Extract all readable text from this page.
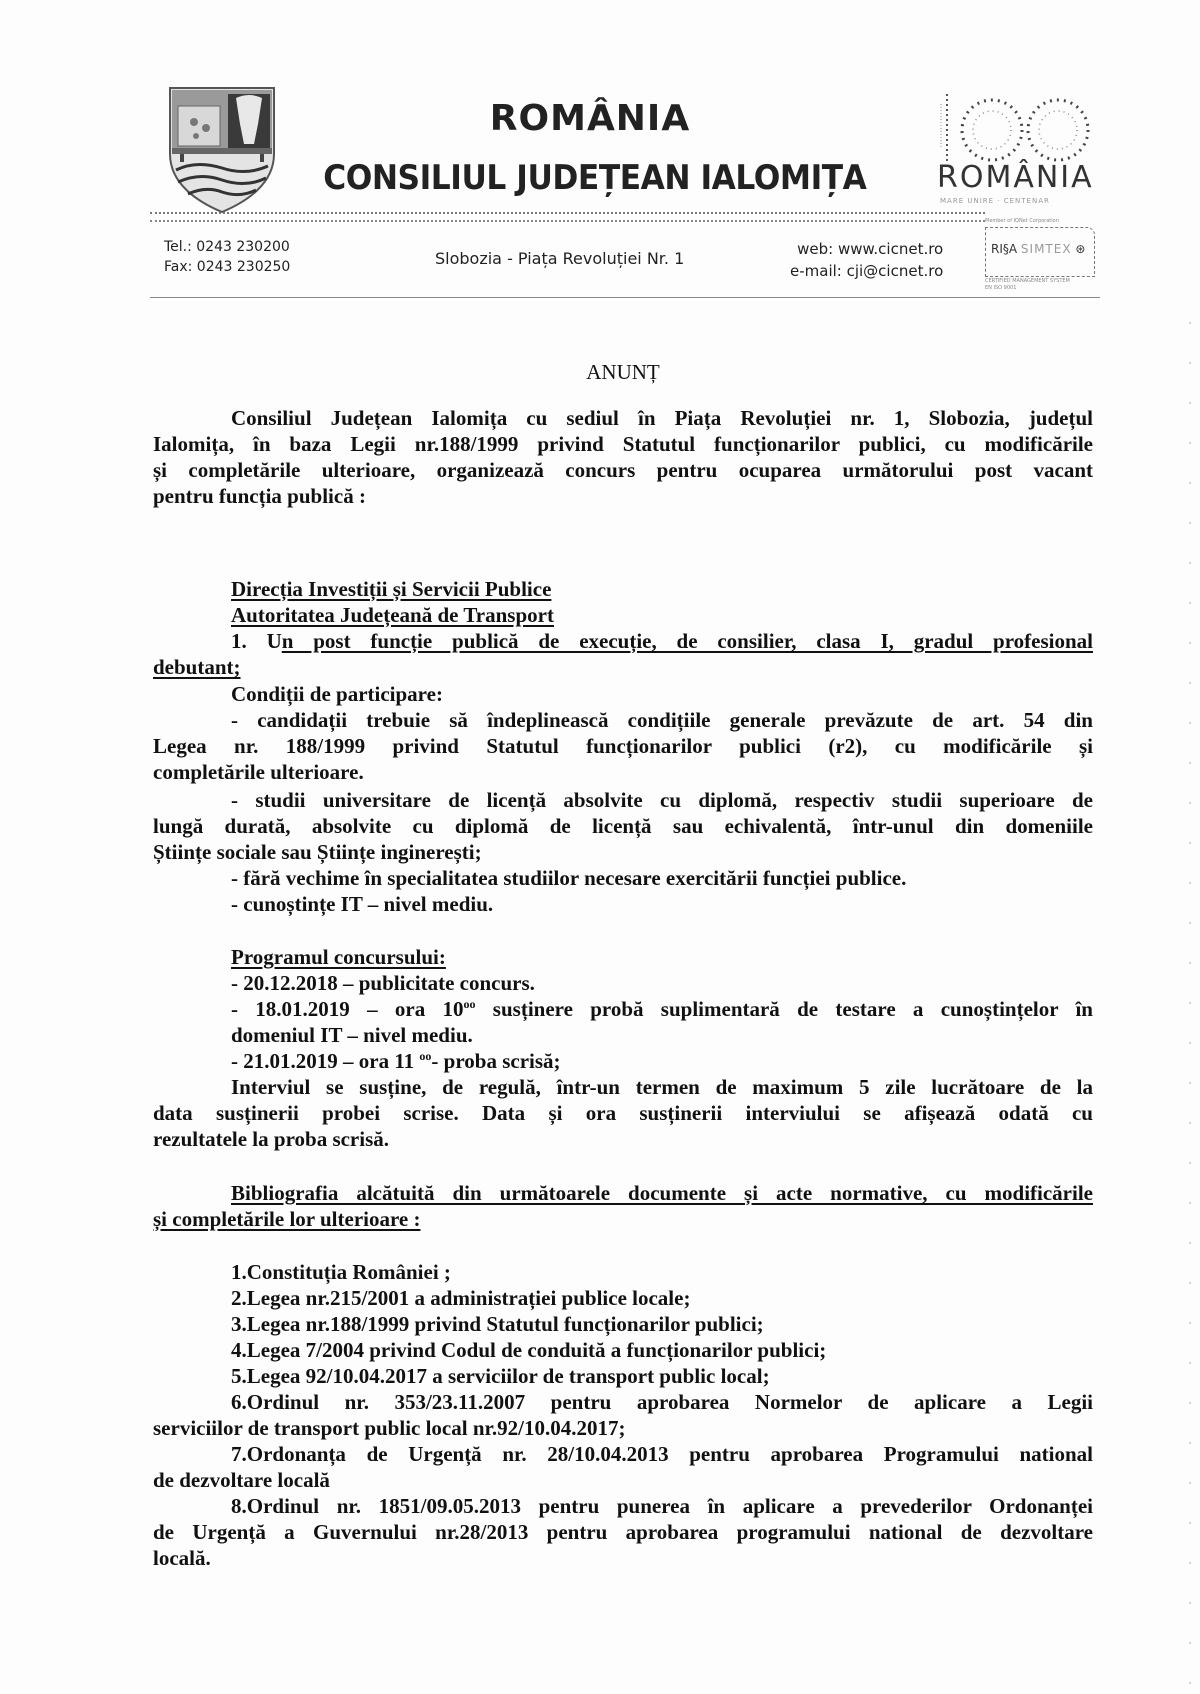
ROMÂNIA
CONSILIUL JUDEȚEAN IALOMIȚA ROMÂNIA
MARE UNIRE · CENTENAR
Tel.: 0243 230200
Fax: 0243 230250	Slobozia - Piața Revoluției Nr. 1	web: www.cicnet.ro
e-mail: cji@cicnet.ro
Member of IQNet Corporation
RI§A SIMTEX ⊛
CERTIFIED MANAGEMENT SYSTEM
EN ISO 9001
ANUNȚ
Consiliul Județean Ialomița cu sediul în Piața Revoluției nr. 1, Slobozia, județul
Ialomița, în baza Legii nr.188/1999 privind Statutul funcționarilor publici, cu modificările
și completările ulterioare, organizează concurs pentru ocuparea următorului post vacant
pentru funcția publică :
Direcția Investiții și Servicii Publice
Autoritatea Județeană de Transport
1. Un post funcție publică de execuție, de consilier, clasa I, gradul profesional
debutant;
Condiții de participare:
- candidații trebuie să îndeplinească condițiile generale prevăzute de art. 54 din
Legea nr. 188/1999 privind Statutul funcționarilor publici (r2), cu modificările și
completările ulterioare.
- studii universitare de licență absolvite cu diplomă, respectiv studii superioare de
lungă durată, absolvite cu diplomă de licență sau echivalentă, într-unul din domeniile
Științe sociale sau Științe inginerești;
- fără vechime în specialitatea studiilor necesare exercitării funcției publice.
- cunoștințe IT – nivel mediu.
Programul concursului:
- 20.12.2018 – publicitate concurs.
- 18.01.2019 – ora $10^{oo}$ susținere probă suplimentară de testare a cunoștințelor în
domeniul IT – nivel mediu.
- 21.01.2019 – ora 11 $^{oo}$- proba scrisă;
Interviul se susține, de regulă, într-un termen de maximum 5 zile lucrătoare de la
data susținerii probei scrise. Data și ora susținerii interviului se afișează odată cu
rezultatele la proba scrisă.
Bibliografia alcătuită din următoarele documente și acte normative, cu modificările
și completările lor ulterioare :
1.Constituția României ;
2.Legea nr.215/2001 a administrației publice locale;
3.Legea nr.188/1999 privind Statutul funcționarilor publici;
4.Legea 7/2004 privind Codul de conduită a funcționarilor publici;
5.Legea 92/10.04.2017 a serviciilor de transport public local;
6.Ordinul nr. 353/23.11.2007 pentru aprobarea Normelor de aplicare a Legii
serviciilor de transport public local nr.92/10.04.2017;
7.Ordonanța de Urgență nr. 28/10.04.2013 pentru aprobarea Programului national
de dezvoltare locală
8.Ordinul nr. 1851/09.05.2013 pentru punerea în aplicare a prevederilor Ordonanței
de Urgență a Guvernului nr.28/2013 pentru aprobarea programului national de dezvoltare
locală.
